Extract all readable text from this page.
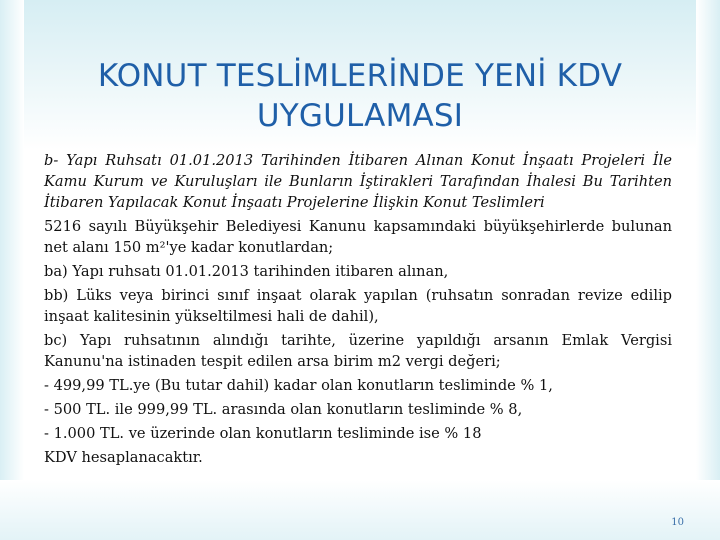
KONUT TESLİMLERİNDE YENİ KDV
UYGULAMASI

b- Yapı Ruhsatı 01.01.2013 Tarihinden İtibaren Alınan Konut İnşaatı Projeleri İle Kamu Kurum ve Kuruluşları ile Bunların İştirakleri Tarafından İhalesi Bu Tarihten İtibaren Yapılacak Konut İnşaatı Projelerine İlişkin Konut Teslimleri

5216 sayılı Büyükşehir Belediyesi Kanunu kapsamındaki büyükşehirlerde bulunan net alanı 150 m²'ye kadar konutlardan;

ba) Yapı ruhsatı 01.01.2013 tarihinden itibaren alınan,

bb) Lüks veya birinci sınıf inşaat olarak yapılan (ruhsatın sonradan revize edilip inşaat kalitesinin yükseltilmesi hali de dahil),

bc) Yapı ruhsatının alındığı tarihte, üzerine yapıldığı arsanın Emlak Vergisi Kanunu'na istinaden tespit edilen arsa birim m2 vergi değeri;

- 499,99 TL.ye (Bu tutar dahil) kadar olan konutların tesliminde % 1,

- 500 TL. ile 999,99 TL. arasında olan konutların tesliminde % 8,

- 1.000 TL. ve üzerinde olan konutların tesliminde ise % 18

KDV hesaplanacaktır.

10
